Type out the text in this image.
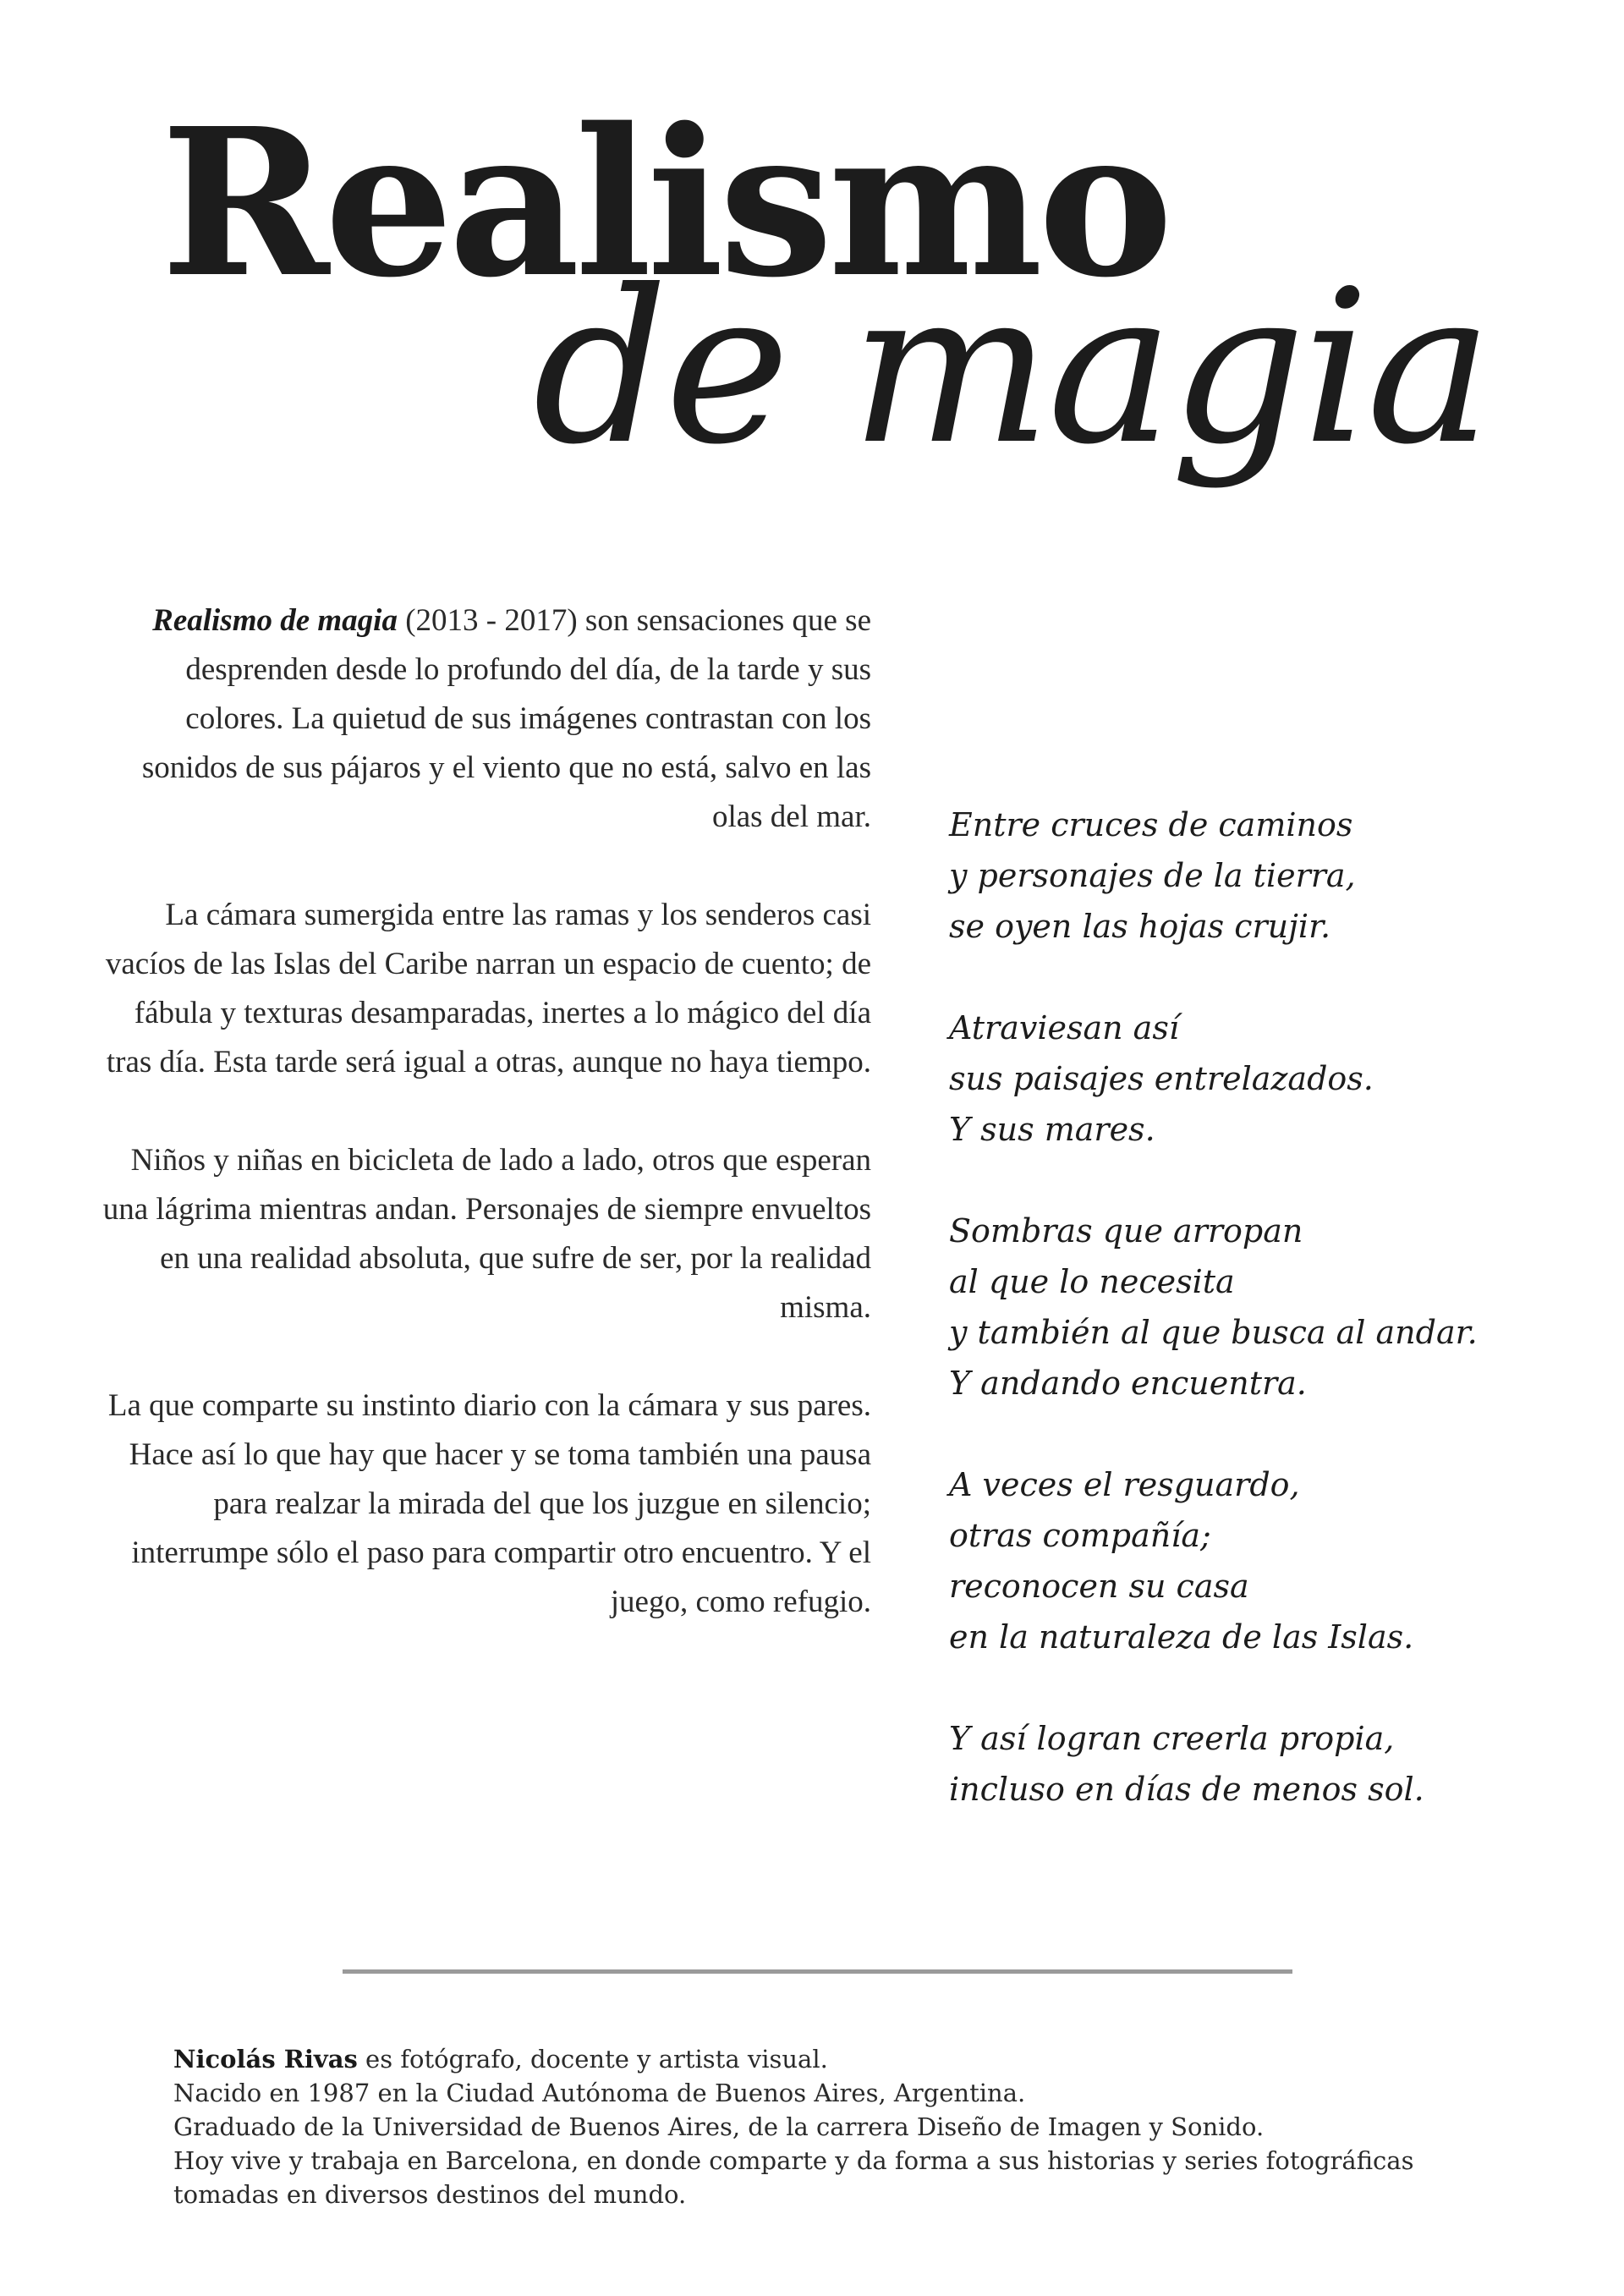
Realismo
de magia

Realismo de magia (2013 - 2017) son sensaciones que se desprenden desde lo profundo del día, de la tarde y sus colores. La quietud de sus imágenes contrastan con los sonidos de sus pájaros y el viento que no está, salvo en las olas del mar.

La cámara sumergida entre las ramas y los senderos casi vacíos de las Islas del Caribe narran un espacio de cuento; de fábula y texturas desamparadas, inertes a lo mágico del día tras día. Esta tarde será igual a otras, aunque no haya tiempo.

Niños y niñas en bicicleta de lado a lado, otros que esperan una lágrima mientras andan. Personajes de siempre envueltos en una realidad absoluta, que sufre de ser, por la realidad misma.

La que comparte su instinto diario con la cámara y sus pares. Hace así lo que hay que hacer y se toma también una pausa para realzar la mirada del que los juzgue en silencio; interrumpe sólo el paso para compartir otro encuentro. Y el juego, como refugio.

Entre cruces de caminos
y personajes de la tierra,
se oyen las hojas crujir.
Atraviesan así
sus paisajes entrelazados.
Y sus mares.
Sombras que arropan
al que lo necesita
y también al que busca al andar.
Y andando encuentra.
A veces el resguardo,
otras compañía;
reconocen su casa
en la naturaleza de las Islas.
Y así logran creerla propia,
incluso en días de menos sol.
Nicolás Rivas es fotógrafo, docente y artista visual.
Nacido en 1987 en la Ciudad Autónoma de Buenos Aires, Argentina.
Graduado de la Universidad de Buenos Aires, de la carrera Diseño de Imagen y Sonido.
Hoy vive y trabaja en Barcelona, en donde comparte y da forma a sus historias y series fotográficas
tomadas en diversos destinos del mundo.
